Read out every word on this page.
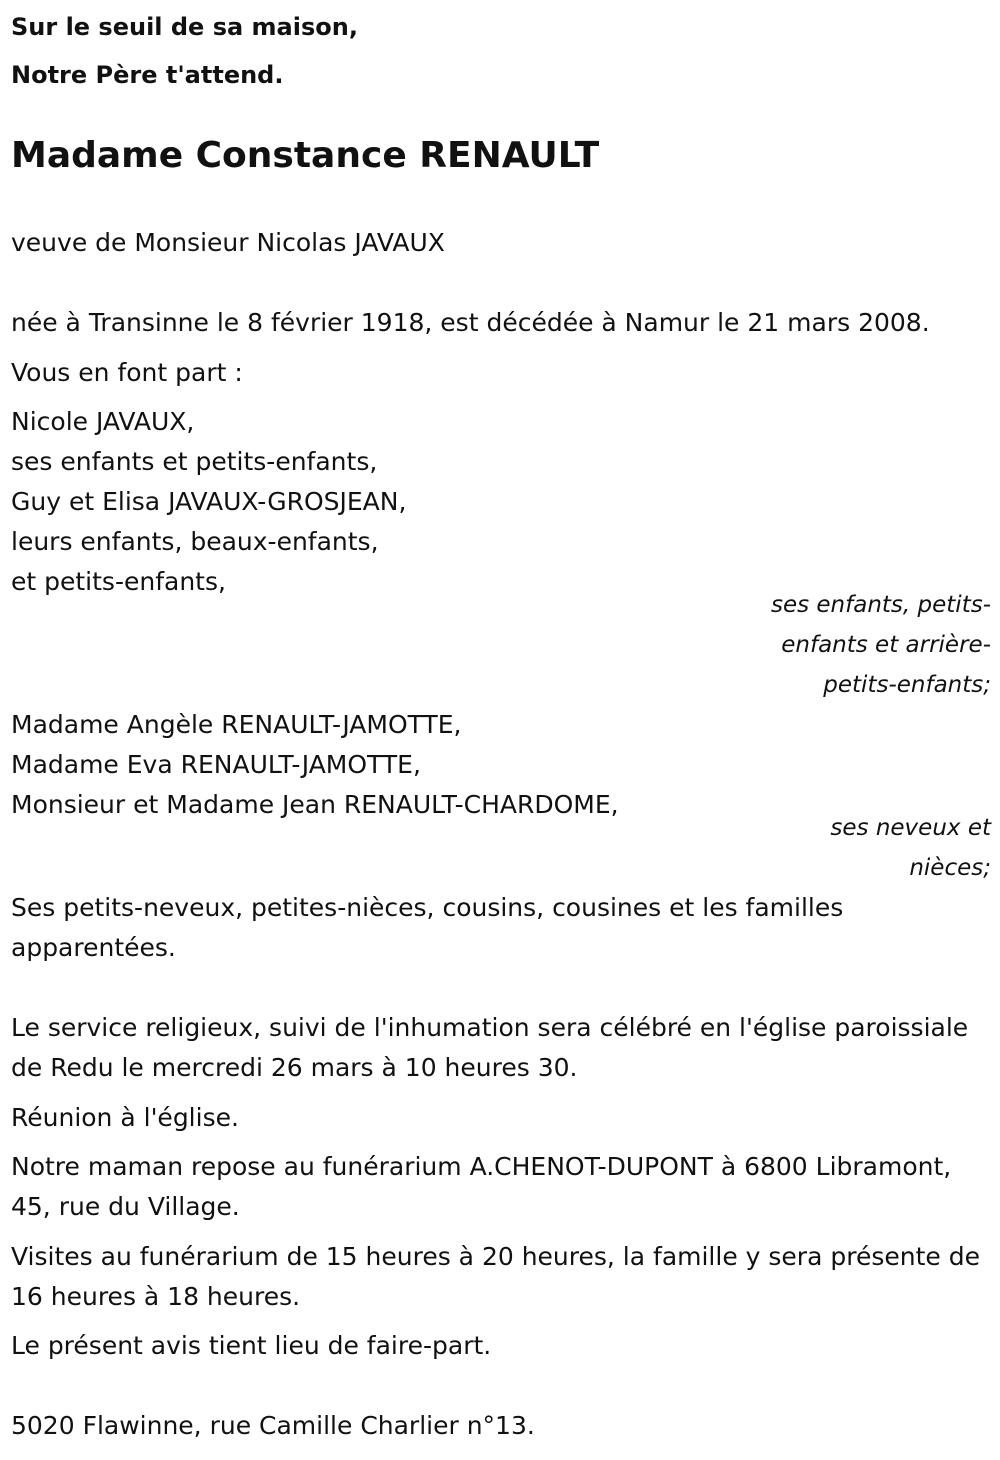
Sur le seuil de sa maison,
Notre Père t'attend.
Madame Constance RENAULT
veuve de Monsieur Nicolas JAVAUX
née à Transinne le 8 février 1918, est décédée à Namur le 21 mars 2008.
Vous en font part :
Nicole JAVAUX,
ses enfants et petits-enfants,
Guy et Elisa JAVAUX-GROSJEAN,
leurs enfants, beaux-enfants,
et petits-enfants,
ses enfants, petits-
enfants et arrière-
petits-enfants;
Madame Angèle RENAULT-JAMOTTE,
Madame Eva RENAULT-JAMOTTE,
Monsieur et Madame Jean RENAULT-CHARDOME,
ses neveux et
nièces;
Ses petits-neveux, petites-nièces, cousins, cousines et les familles apparentées.
Le service religieux, suivi de l'inhumation sera célébré en l'église paroissiale de Redu le mercredi 26 mars à 10 heures 30.
Réunion à l'église.
Notre maman repose au funérarium A.CHENOT-DUPONT à 6800 Libramont, 45, rue du Village.
Visites au funérarium de 15 heures à 20 heures, la famille y sera présente de 16 heures à 18 heures.
Le présent avis tient lieu de faire-part.
5020 Flawinne, rue Camille Charlier n°13.
